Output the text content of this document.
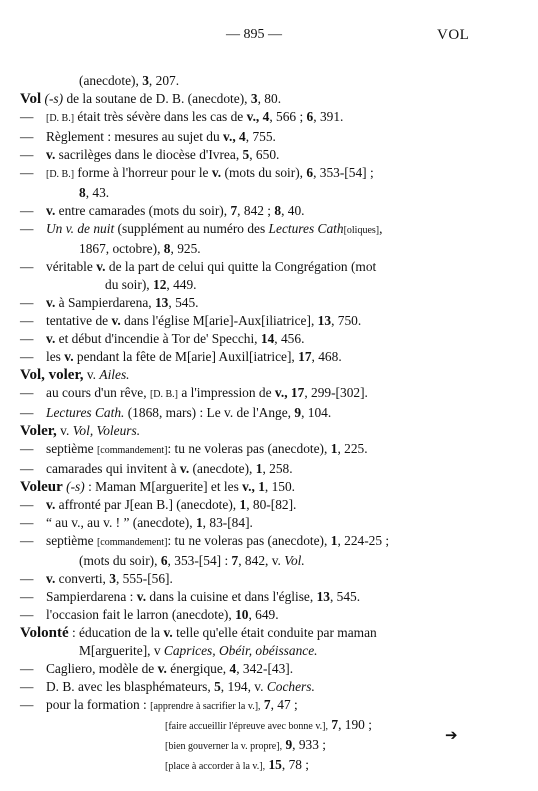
— 895 —	VOL
(anecdote), 3, 207.
Vol (-s) de la soutane de D. B. (anecdote), 3, 80.
— [D. B.] était très sévère dans les cas de v., 4, 566 ; 6, 391.
— Règlement : mesures au sujet du v., 4, 755.
— v. sacrilèges dans le diocèse d'Ivrea, 5, 650.
— [D. B.] forme à l'horreur pour le v. (mots du soir), 6, 353-[54] ;
8, 43.
— v. entre camarades (mots du soir), 7, 842 ; 8, 40.
— Un v. de nuit (supplément au numéro des Lectures Cath[oliques],
1867, octobre), 8, 925.
— véritable v. de la part de celui qui quitte la Congrégation (mot
du soir), 12, 449.
— v. à Sampierdarena, 13, 545.
— tentative de v. dans l'église M[arie]-Aux[iliatrice], 13, 750.
— v. et début d'incendie à Tor de' Specchi, 14, 456.
— les v. pendant la fête de M[arie] Auxil[iatrice], 17, 468.
Vol, voler, v. Ailes.
— au cours d'un rêve, [D. B.] a l'impression de v., 17, 299-[302].
— Lectures Cath. (1868, mars) : Le v. de l'Ange, 9, 104.
Voler, v. Vol, Voleurs.
— septième [commandement]: tu ne voleras pas (anecdote), 1, 225.
— camarades qui invitent à v. (anecdote), 1, 258.
Voleur (-s) : Maman M[arguerite] et les v., 1, 150.
— v. affronté par J[ean B.] (anecdote), 1, 80-[82].
— “ au v., au v. ! ” (anecdote), 1, 83-[84].
— septième [commandement]: tu ne voleras pas (anecdote), 1, 224-25 ;
(mots du soir), 6, 353-[54] : 7, 842, v. Vol.
— v. converti, 3, 555-[56].
— Sampierdarena : v. dans la cuisine et dans l'église, 13, 545.
— l'occasion fait le larron (anecdote), 10, 649.
Volonté : éducation de la v. telle qu'elle était conduite par maman
M[arguerite], v Caprices, Obéir, obéissance.
— Cagliero, modèle de v. énergique, 4, 342-[43].
— D. B. avec les blasphémateurs, 5, 194, v. Cochers.
— pour la formation : [apprendre à sacrifier la v.], 7, 47 ;
[faire accueillir l'épreuve avec bonne v.], 7, 190 ;
[bien gouverner la v. propre], 9, 933 ;
[place à accorder à la v.], 15, 78 ;
➔
